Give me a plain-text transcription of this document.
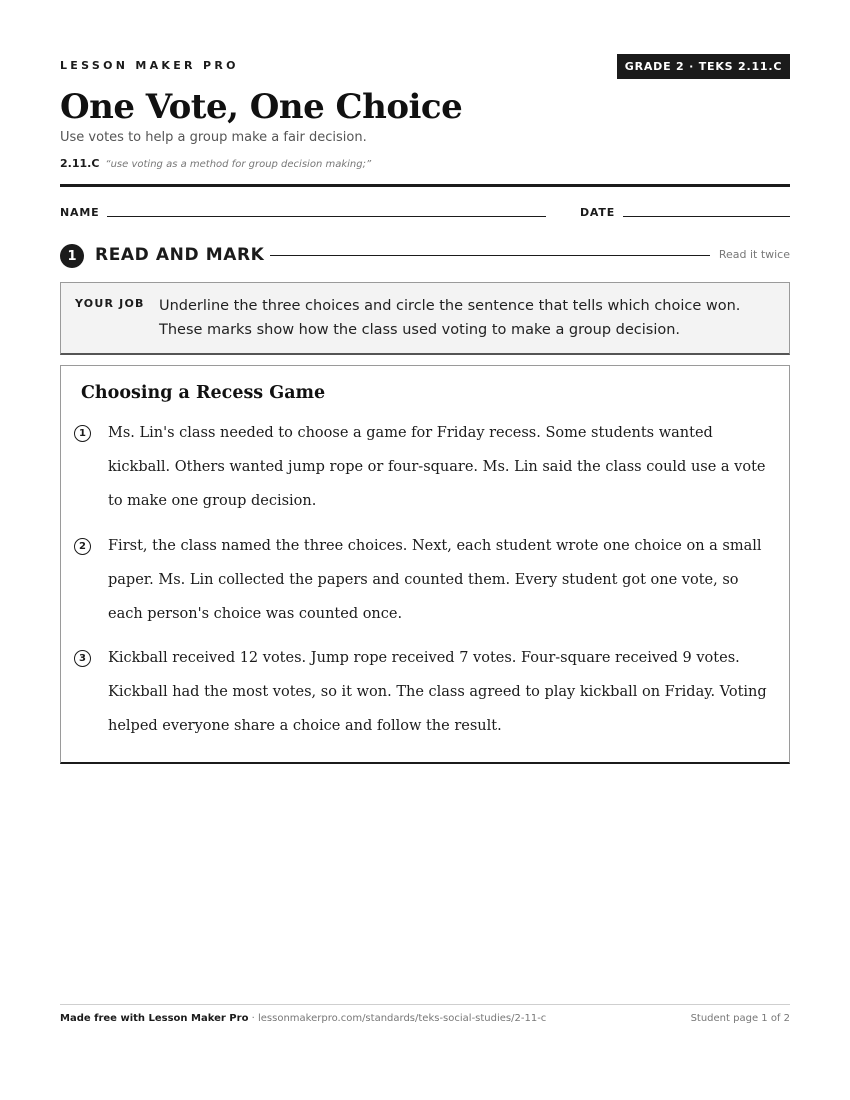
LESSON MAKER PRO	GRADE 2 · TEKS 2.11.C
One Vote, One Choice
Use votes to help a group make a fair decision.
2.11.C “use voting as a method for group decision making;”
NAME	DATE
1	READ AND MARK	Read it twice
YOUR JOB Underline the three choices and circle the sentence that tells which choice won. These marks show how the class used voting to make a group decision.
Choosing a Recess Game
1	Ms. Lin's class needed to choose a game for Friday recess. Some students wanted kickball. Others wanted jump rope or four-square. Ms. Lin said the class could use a vote to make one group decision.
2	First, the class named the three choices. Next, each student wrote one choice on a small paper. Ms. Lin collected the papers and counted them. Every student got one vote, so each person's choice was counted once.
3	Kickball received 12 votes. Jump rope received 7 votes. Four-square received 9 votes. Kickball had the most votes, so it won. The class agreed to play kickball on Friday. Voting helped everyone share a choice and follow the result.
Made free with Lesson Maker Pro · lessonmakerpro.com/standards/teks-social-studies/2-11-c	Student page 1 of 2
